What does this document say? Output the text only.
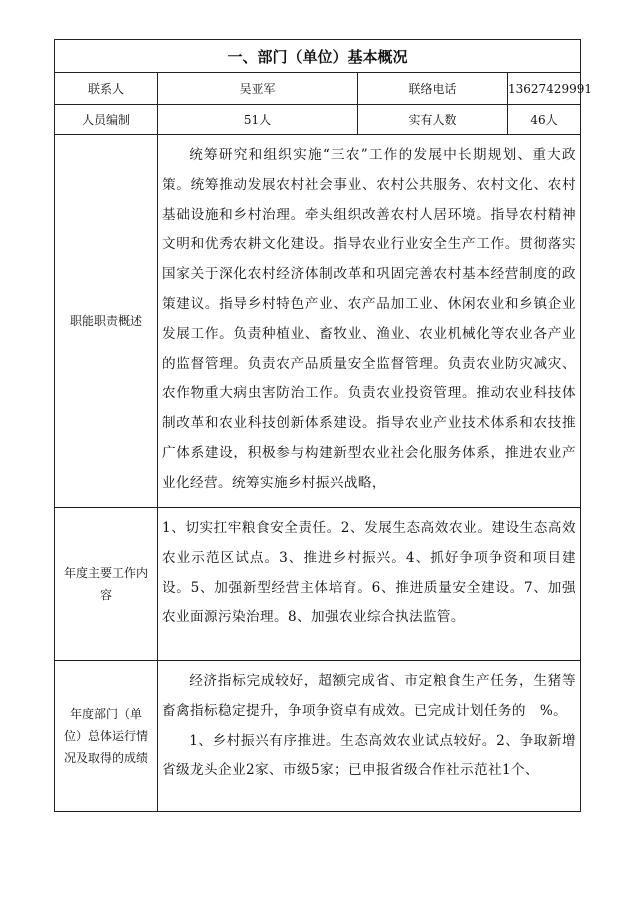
一、部门（单位）基本概况			
联系人	吴亚军	联络电话	13627429991
人员编制	51人	实有人数	46人
职能职责概述	统筹研究和组织实施“三农”工作的发展中长期规划、重大政策。统筹推动发展农村社会事业、农村公共服务、农村文化、农村基础设施和乡村治理。牵头组织改善农村人居环境。指导农村精神文明和优秀农耕文化建设。指导农业行业安全生产工作。贯彻落实国家关于深化农村经济体制改革和巩固完善农村基本经营制度的政策建议。指导乡村特色产业、农产品加工业、休闲农业和乡镇企业发展工作。负责种植业、畜牧业、渔业、农业机械化等农业各产业的监督管理。负责农产品质量安全监督管理。负责农业防灾减灾、农作物重大病虫害防治工作。负责农业投资管理。推动农业科技体制改革和农业科技创新体系建设。指导农业产业技术体系和农技推广体系建设，积极参与构建新型农业社会化服务体系，推进农业产业化经营。统筹实施乡村振兴战略，		
年度主要工作内容	1、切实扛牢粮食安全责任。2、发展生态高效农业。建设生态高效农业示范区试点。3、推进乡村振兴。4、抓好争项争资和项目建设。5、加强新型经营主体培育。6、推进质量安全建设。7、加强农业面源污染治理。8、加强农业综合执法监管。		
年度部门（单位）总体运行情况及取得的成绩	经济指标完成较好，超额完成省、市定粮食生产任务，生猪等畜禽指标稳定提升，争项争资卓有成效。已完成计划任务的　%。

1、乡村振兴有序推进。生态高效农业试点较好。2、争取新增省级龙头企业2家、市级5家；已申报省级合作社示范社1个、		
